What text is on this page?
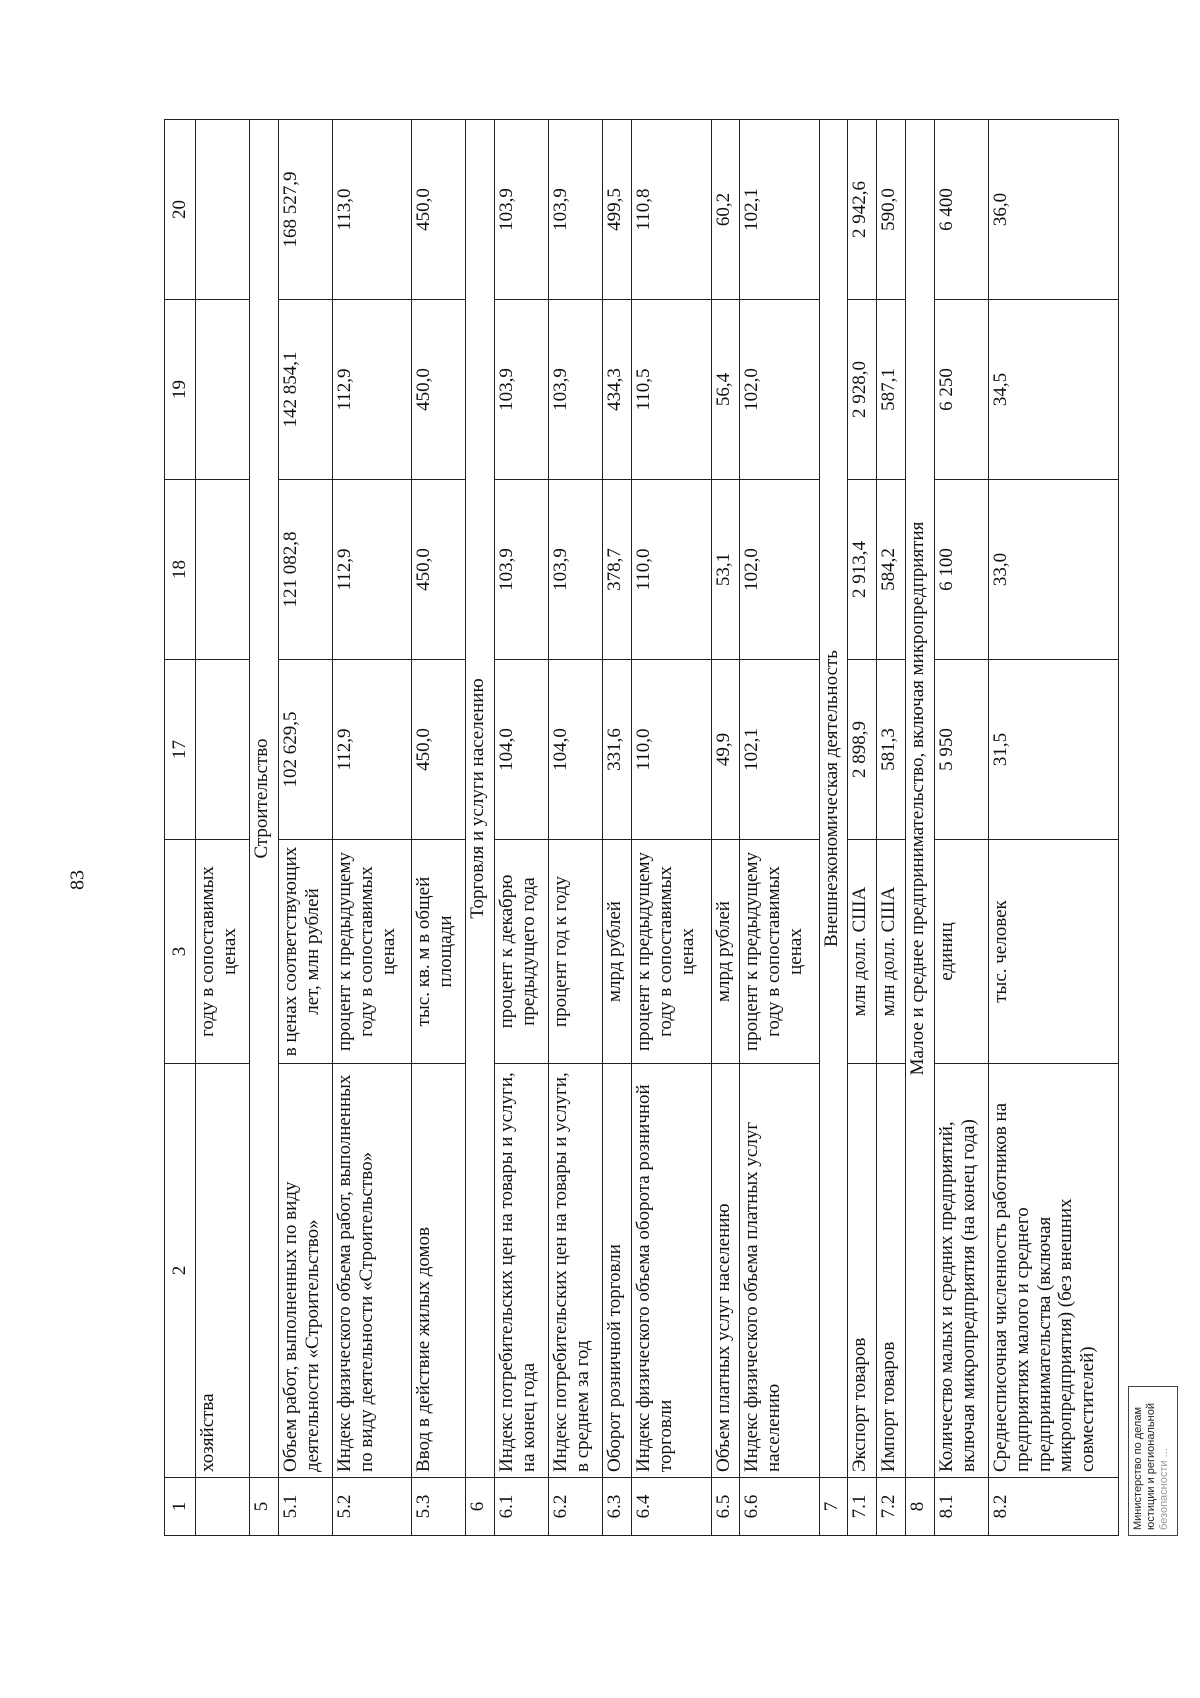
83
1	2	3	17	18	19	20
	хозяйства	году в сопоставимых ценах				
5	Строительство					
5.1	Объем работ, выполненных по виду деятельности «Строительство»	в ценах соответствующих лет, млн рублей	102 629,5	121 082,8	142 854,1	168 527,9
5.2	Индекс физического объема работ, выполненных по виду деятельности «Строительство»	процент к предыдущему году в сопоставимых ценах	112,9	112,9	112,9	113,0
5.3	Ввод в действие жилых домов	тыс. кв. м в общей площади	450,0	450,0	450,0	450,0
6	Торговля и услуги населению					
6.1	Индекс потребительских цен на товары и услуги, на конец года	процент к декабрю предыдущего года	104,0	103,9	103,9	103,9
6.2	Индекс потребительских цен на товары и услуги, в среднем за год	процент год к году	104,0	103,9	103,9	103,9
6.3	Оборот розничной торговли	млрд рублей	331,6	378,7	434,3	499,5
6.4	Индекс физического объема оборота розничной торговли	процент к предыдущему году в сопоставимых ценах	110,0	110,0	110,5	110,8
6.5	Объем платных услуг населению	млрд рублей	49,9	53,1	56,4	60,2
6.6	Индекс физического объема платных услуг населению	процент к предыдущему году в сопоставимых ценах	102,1	102,0	102,0	102,1
7	Внешнеэкономическая деятельность					
7.1	Экспорт товаров	млн долл. США	2 898,9	2 913,4	2 928,0	2 942,6
7.2	Импорт товаров	млн долл. США	581,3	584,2	587,1	590,0
8	Малое и среднее предпринимательство, включая микропредприятия					
8.1	Количество малых и средних предприятий, включая микропредприятия (на конец года)	единиц	5 950	6 100	6 250	6 400
8.2	Среднесписочная численность работников на предприятиях малого и среднего предпринимательства (включая микропредприятия) (без внешних совместителей)	тыс. человек	31,5	33,0	34,5	36,0
Министерство по делам юстиции и региональной безопасности ...
